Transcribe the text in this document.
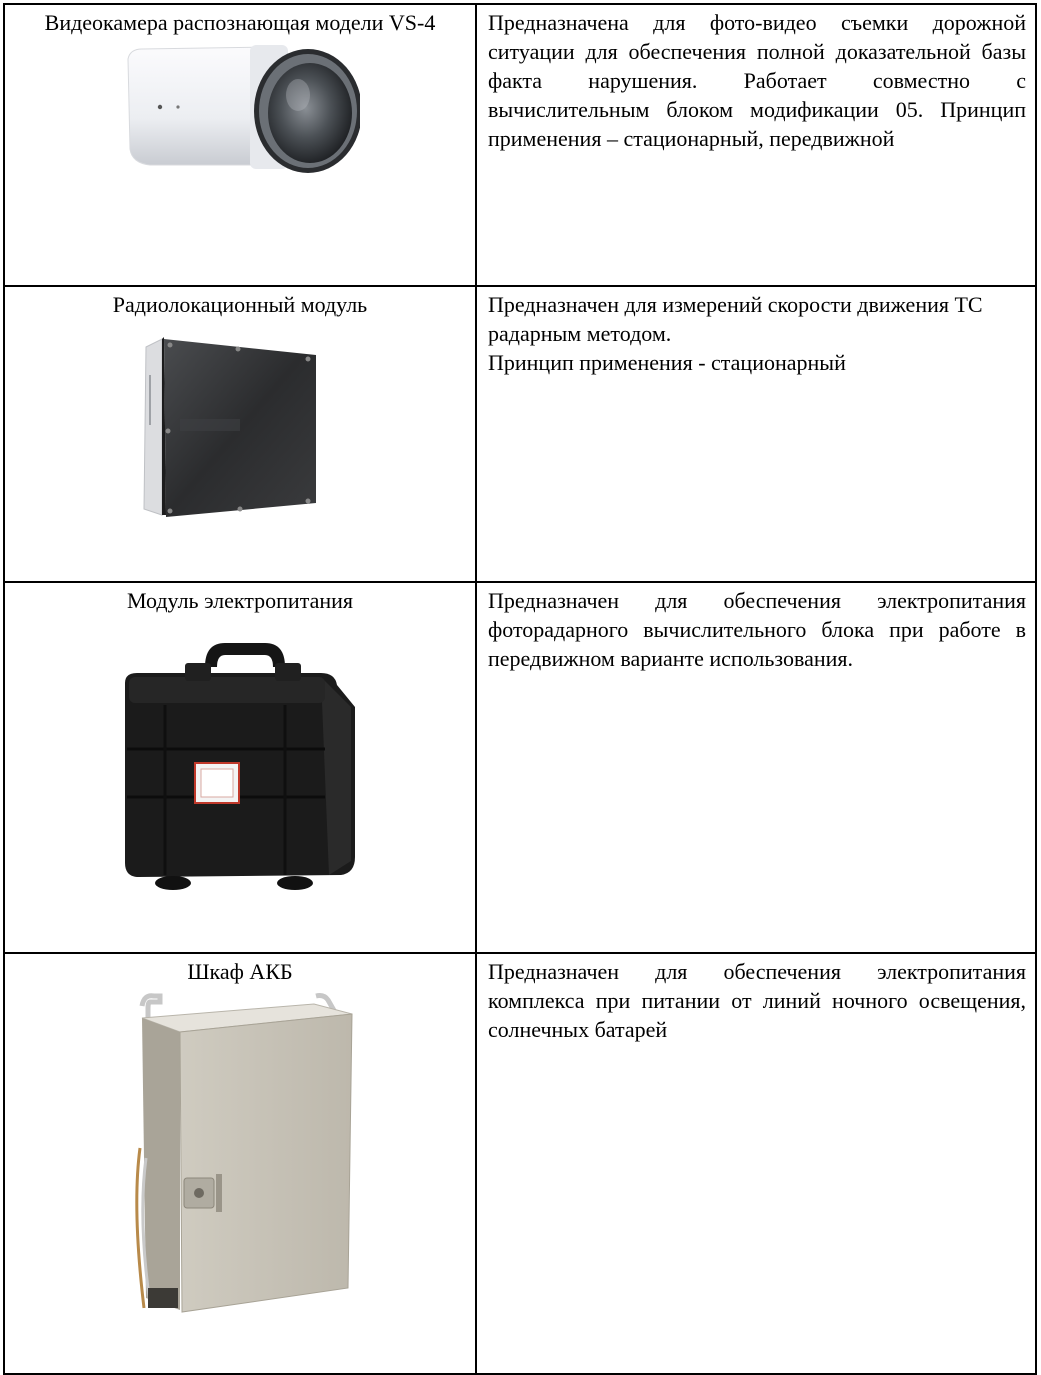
Видеокамера распознающая модели VS-4	Предназначена для фото-видео съемки дорожной ситуации для обеспечения полной доказательной базы факта нарушения. Работает совместно с вычислительным блоком модификации 05. Принцип применения – стационарный, передвижной

Радиолокационный модуль	Предназначен для измерений скорости движения ТС радарным методом.

Принцип применения - стационарный

Модуль электропитания	Предназначен для обеспечения электропитания фоторадарного вычислительного блока при работе в передвижном варианте использования.

Шкаф АКБ	Предназначен для обеспечения электропитания комплекса при питании от линий ночного освещения, солнечных батарей
